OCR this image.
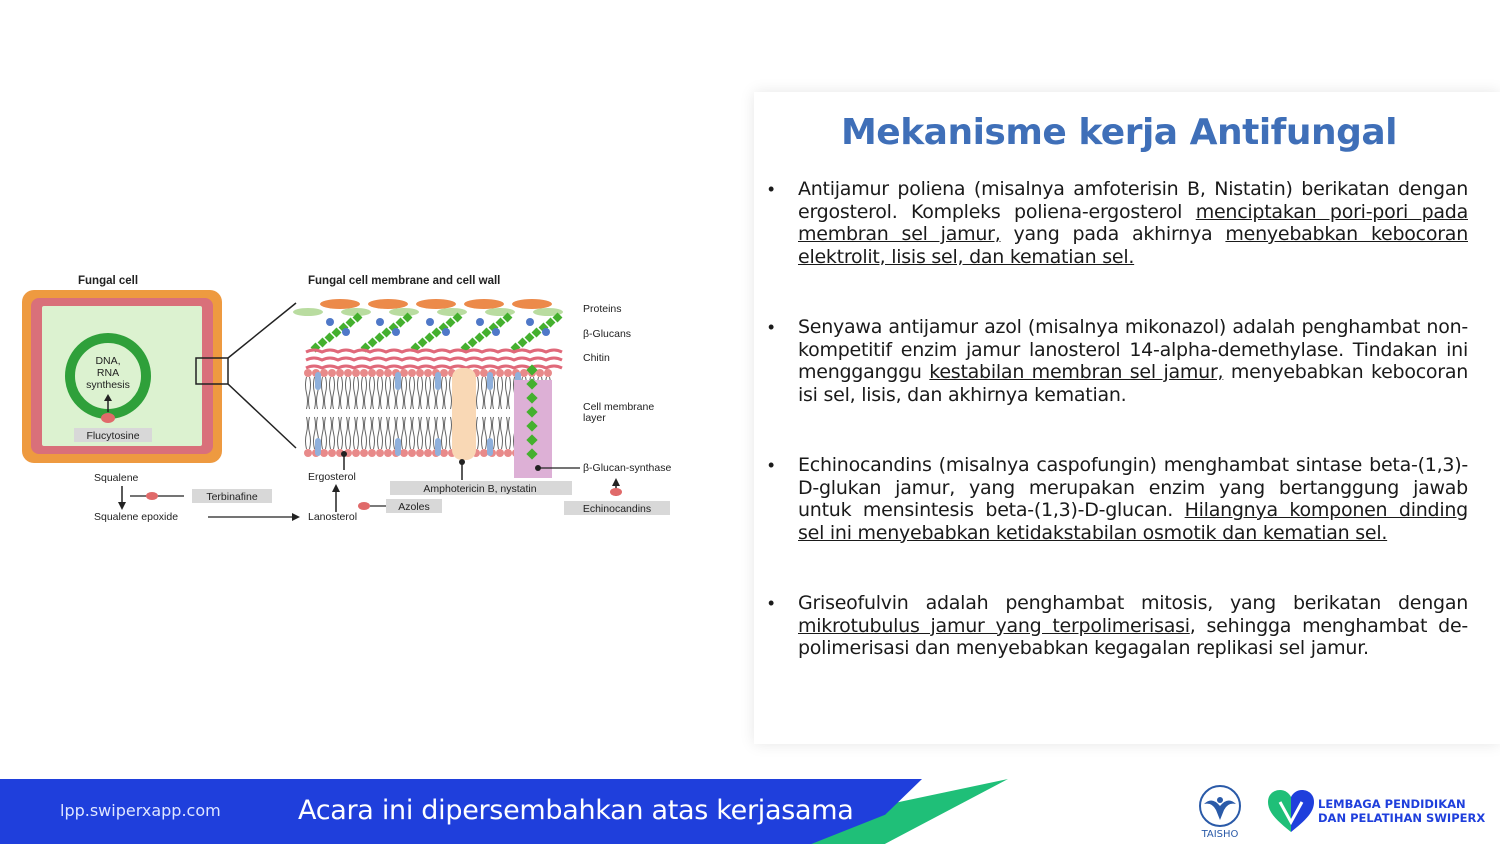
Fungal cell	Fungal cell membrane and cell wall
DNA,
RNA
synthesis
Flucytosine
Proteins
β-Glucans
Chitin
Cell membrane
layer
β-Glucan-synthase
Squalene
Terbinafine
Squalene epoxide
Ergosterol
Lanosterol
Azoles
Amphotericin B, nystatin
Echinocandins
Mekanisme kerja Antifungal
• Antijamur poliena (misalnya amfoterisin B, Nistatin) berikatan dengan ergosterol. Kompleks poliena-ergosterol menciptakan pori-pori pada membran sel jamur, yang pada akhirnya menyebabkan kebocoran elektrolit, lisis sel, dan kematian sel.

• Senyawa antijamur azol (misalnya mikonazol) adalah penghambat non-kompetitif enzim jamur lanosterol 14-alpha-demethylase. Tindakan ini mengganggu kestabilan membran sel jamur, menyebabkan kebocoran isi sel, lisis, dan akhirnya kematian.

• Echinocandins (misalnya caspofungin) menghambat sintase beta-(1,3)-D-glukan jamur, yang merupakan enzim yang bertanggung jawab untuk mensintesis beta-(1,3)-D-glucan. Hilangnya komponen dinding sel ini menyebabkan ketidakstabilan osmotik dan kematian sel.

• Griseofulvin adalah penghambat mitosis, yang berikatan dengan mikrotubulus jamur yang terpolimerisasi, sehingga menghambat de-polimerisasi dan menyebabkan kegagalan replikasi sel jamur.

lpp.swiperxapp.com	Acara ini dipersembahkan atas kerjasama
TAISHO
LEMBAGA PENDIDIKAN
DAN PELATIHAN SWIPERX
